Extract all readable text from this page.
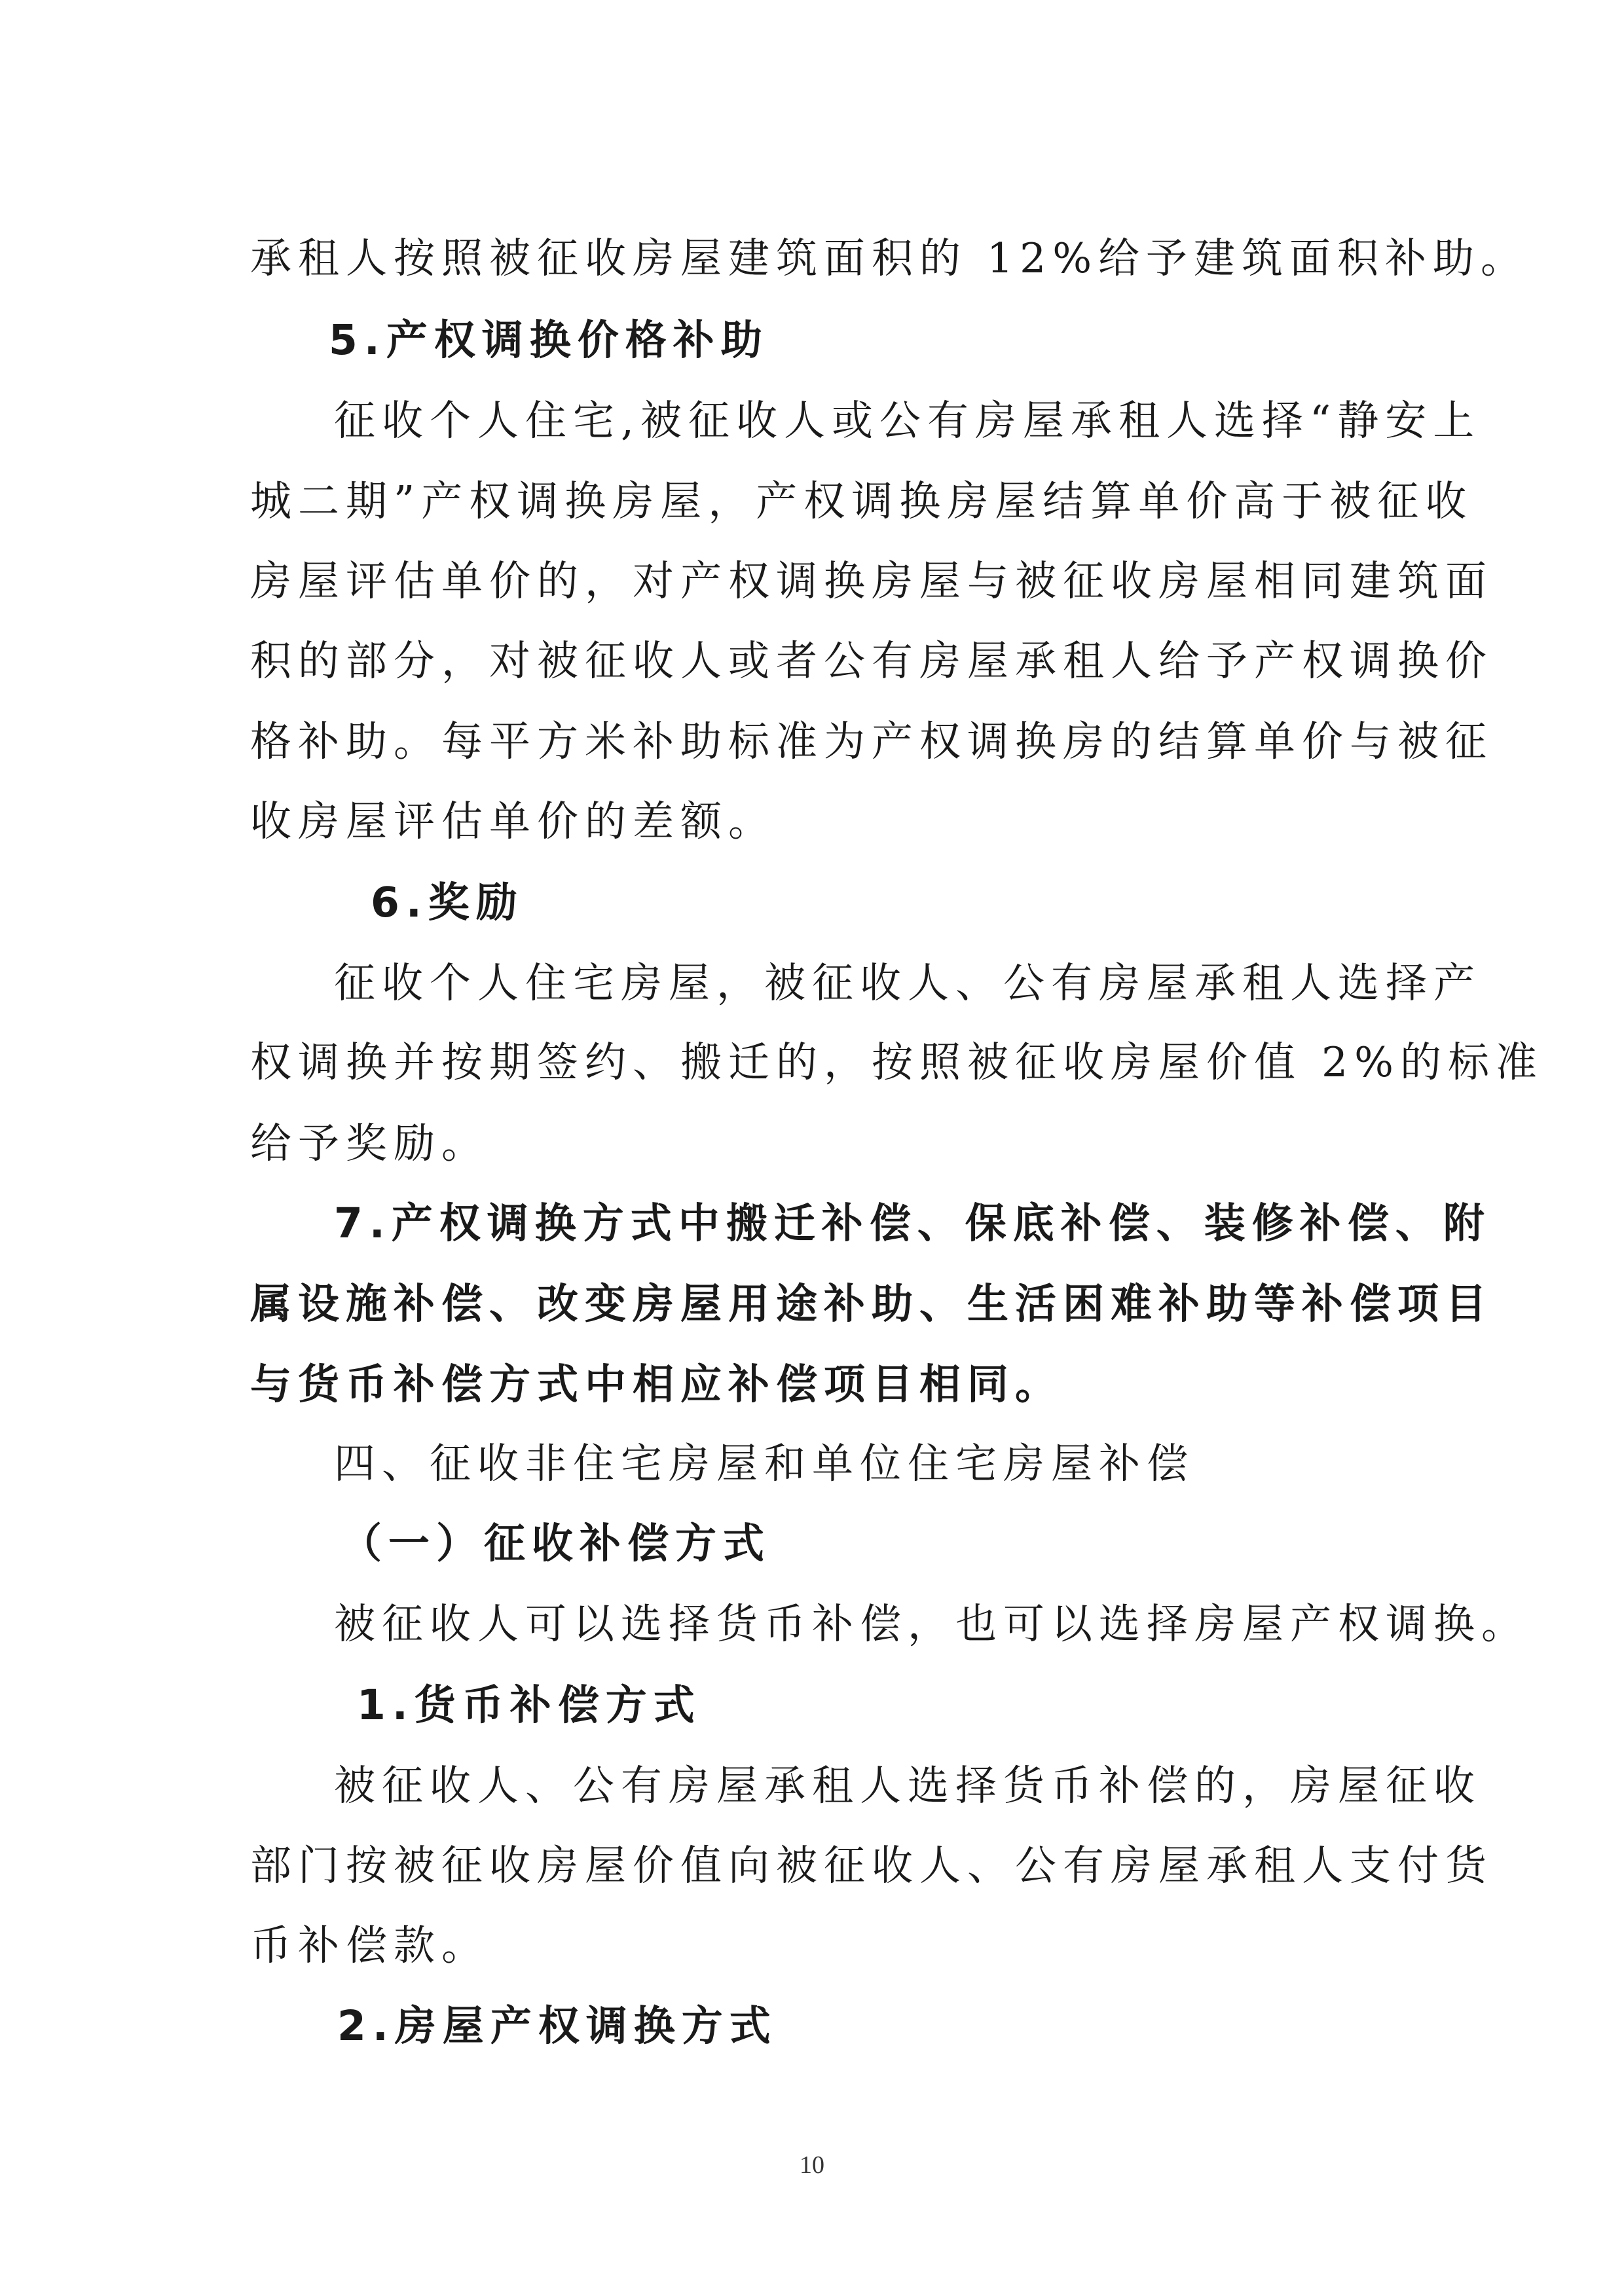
承租人按照被征收房屋建筑面积的 12%给予建筑面积补助。
5.产权调换价格补助
征收个人住宅,被征收人或公有房屋承租人选择“静安上
城二期”产权调换房屋，产权调换房屋结算单价高于被征收
房屋评估单价的，对产权调换房屋与被征收房屋相同建筑面
积的部分，对被征收人或者公有房屋承租人给予产权调换价
格补助。每平方米补助标准为产权调换房的结算单价与被征
收房屋评估单价的差额。
6.奖励
征收个人住宅房屋，被征收人、公有房屋承租人选择产
权调换并按期签约、搬迁的，按照被征收房屋价值 2%的标准
给予奖励。
7.产权调换方式中搬迁补偿、保底补偿、装修补偿、附
属设施补偿、改变房屋用途补助、生活困难补助等补偿项目
与货币补偿方式中相应补偿项目相同。
四、征收非住宅房屋和单位住宅房屋补偿
（一）征收补偿方式
被征收人可以选择货币补偿，也可以选择房屋产权调换。
1.货币补偿方式
被征收人、公有房屋承租人选择货币补偿的，房屋征收
部门按被征收房屋价值向被征收人、公有房屋承租人支付货
币补偿款。
2.房屋产权调换方式
10
